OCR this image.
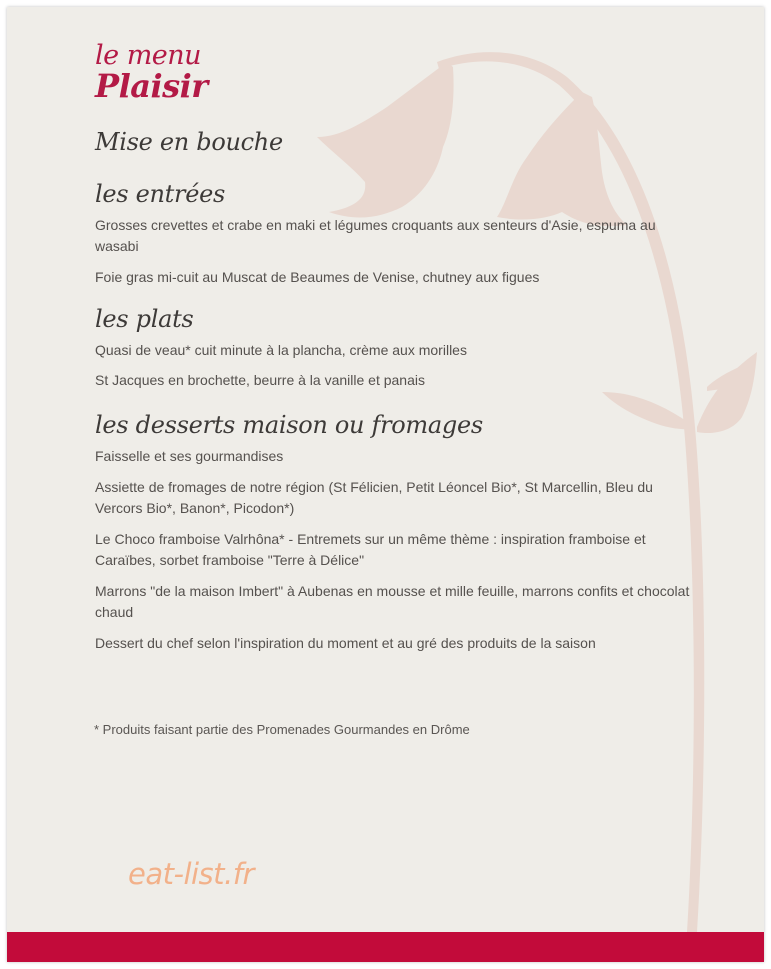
le menu
Plaisir
Mise en bouche
les entrées

Grosses crevettes et crabe en maki et légumes croquants aux senteurs d'Asie, espuma au wasabi

Foie gras mi-cuit au Muscat de Beaumes de Venise, chutney aux figues

les plats

Quasi de veau* cuit minute à la plancha, crème aux morilles

St Jacques en brochette, beurre à la vanille et panais

les desserts maison ou fromages

Faisselle et ses gourmandises

Assiette de fromages de notre région (St Félicien, Petit Léoncel Bio*, St Marcellin, Bleu du Vercors Bio*, Banon*, Picodon*)

Le Choco framboise Valrhôna* - Entremets sur un même thème : inspiration framboise et Caraïbes, sorbet framboise "Terre à Délice"

Marrons "de la maison Imbert" à Aubenas en mousse et mille feuille, marrons confits et chocolat chaud

Dessert du chef selon l'inspiration du moment et au gré des produits de la saison

* Produits faisant partie des Promenades Gourmandes en Drôme
eat-list.fr
